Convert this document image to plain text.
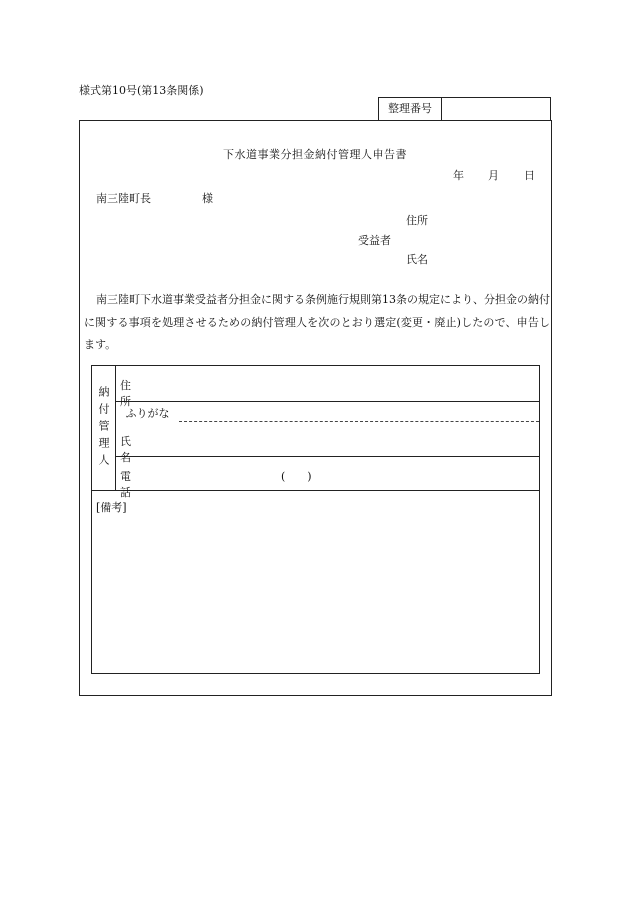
様式第10号(第13条関係)
整理番号
下水道事業分担金納付管理人申告書
年 月 日
南三陸町長	様
住所
受益者
氏名
南三陸町下水道事業受益者分担金に関する条例施行規則第13条の規定により、分担金の納付に関する事項を処理させるための納付管理人を次のとおり選定(変更・廃止)したので、申告します。
納付管理人 住所
ふりがな
氏名
電話
(　　)
[備考]
